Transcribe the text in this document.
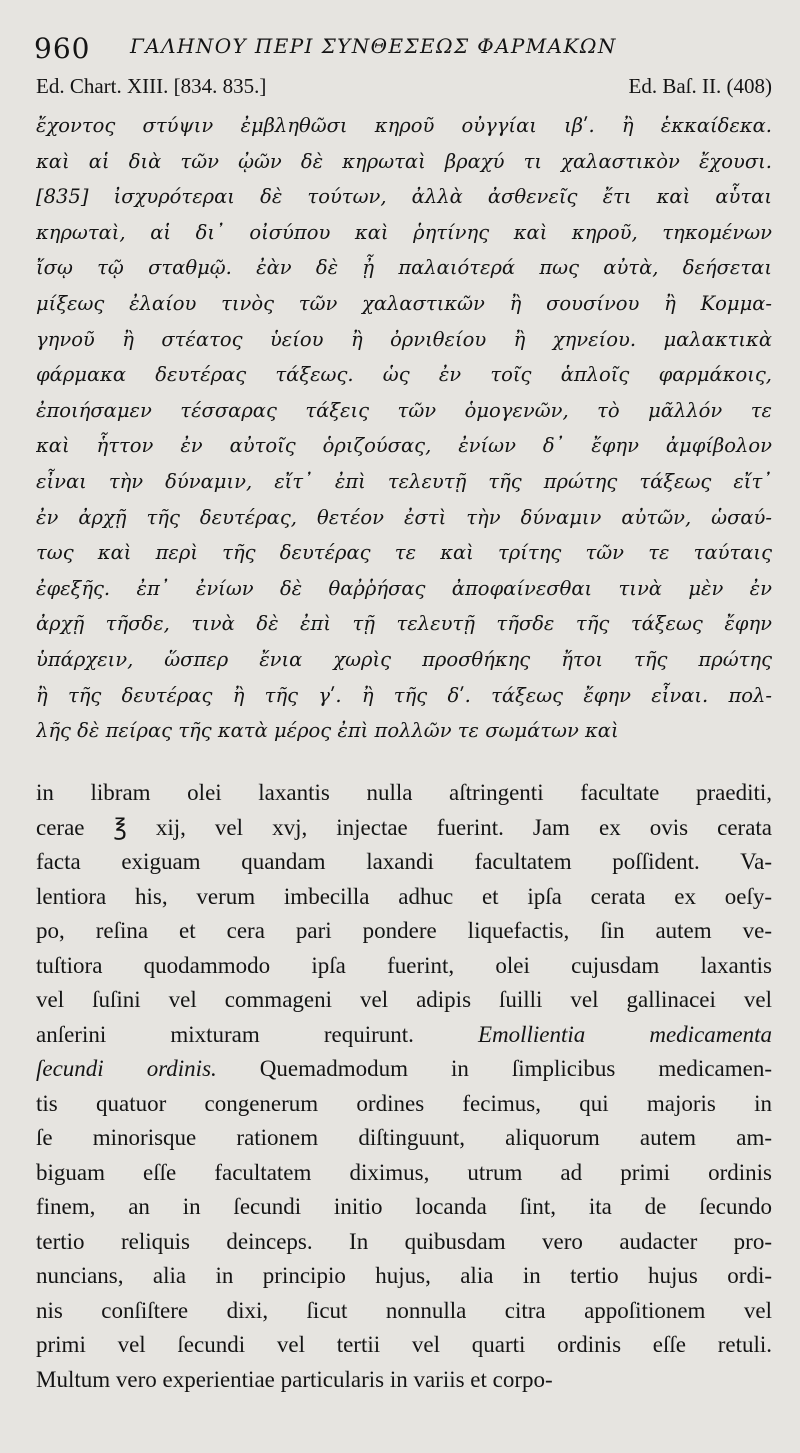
960 ΓΑΛΗΝΟΥ ΠΕΡΙ ΣΥΝΘΕΣΕΩΣ ΦΑΡΜΑΚΩΝ
Ed. Chart. XIII. [834. 835.]	Ed. Baſ. II. (408)
ἔχοντος στύψιν ἐμβληθῶσι κηροῦ οὐγγίαι ιβʹ. ἢ ἑκκαίδεκα.
καὶ αἱ διὰ τῶν ᾠῶν δὲ κηρωταὶ βραχύ τι χαλαστικὸν ἔχουσι.
[835] ἰσχυρότεραι δὲ τούτων, ἀλλὰ ἀσθενεῖς ἔτι καὶ αὗται
κηρωταὶ, αἱ δι᾽ οἰσύπου καὶ ῥητίνης καὶ κηροῦ, τηκομένων
ἴσῳ τῷ σταθμῷ. ἐὰν δὲ ᾖ παλαιότερά πως αὐτὰ, δεήσεται
μίξεως ἐλαίου τινὸς τῶν χαλαστικῶν ἢ σουσίνου ἢ Κομμα-
γηνοῦ ἢ στέατος ὑείου ἢ ὀρνιθείου ἢ χηνείου. μαλακτικὰ
φάρμακα δευτέρας τάξεως. ὡς ἐν τοῖς ἁπλοῖς φαρμάκοις,
ἐποιήσαμεν τέσσαρας τάξεις τῶν ὁμογενῶν, τὸ μᾶλλόν τε
καὶ ἧττον ἐν αὐτοῖς ὁριζούσας, ἐνίων δ᾽ ἔφην ἀμφίβολον
εἶναι τὴν δύναμιν, εἴτ᾽ ἐπὶ τελευτῇ τῆς πρώτης τάξεως εἴτ᾽
ἐν ἀρχῇ τῆς δευτέρας, θετέον ἐστὶ τὴν δύναμιν αὐτῶν, ὡσαύ-
τως καὶ περὶ τῆς δευτέρας τε καὶ τρίτης τῶν τε ταύταις
ἐφεξῆς. ἐπ᾽ ἐνίων δὲ θαῤῥήσας ἀποφαίνεσθαι τινὰ μὲν ἐν
ἀρχῇ τῆσδε, τινὰ δὲ ἐπὶ τῇ τελευτῇ τῆσδε τῆς τάξεως ἔφην
ὑπάρχειν, ὥσπερ ἔνια χωρὶς προσθήκης ἤτοι τῆς πρώτης
ἢ τῆς δευτέρας ἢ τῆς γʹ. ἢ τῆς δʹ. τάξεως ἔφην εἶναι. πολ-
λῆς δὲ πείρας τῆς κατὰ μέρος ἐπὶ πολλῶν τε σωμάτων καὶ
in libram olei laxantis nulla aſtringenti facultate praediti,
cerae ℥ xij, vel xvj, injectae fuerint. Jam ex ovis cerata
facta exiguam quandam laxandi facultatem poſſident. Va-
lentiora his, verum imbecilla adhuc et ipſa cerata ex oeſy-
po, reſina et cera pari pondere liquefactis, ſin autem ve-
tuſtiora quodammodo ipſa fuerint, olei cujusdam laxantis
vel ſuſini vel commageni vel adipis ſuilli vel gallinacei vel
anſerini mixturam requirunt. Emollientia medicamenta
ſecundi ordinis. Quemadmodum in ſimplicibus medicamen-
tis quatuor congenerum ordines fecimus, qui majoris in
ſe minorisque rationem diſtinguunt, aliquorum autem am-
biguam eſſe facultatem diximus, utrum ad primi ordinis
finem, an in ſecundi initio locanda ſint, ita de ſecundo
tertio reliquis deinceps. In quibusdam vero audacter pro-
nuncians, alia in principio hujus, alia in tertio hujus ordi-
nis conſiſtere dixi, ſicut nonnulla citra appoſitionem vel
primi vel ſecundi vel tertii vel quarti ordinis eſſe retuli.
Multum vero experientiae particularis in variis et corpo-
